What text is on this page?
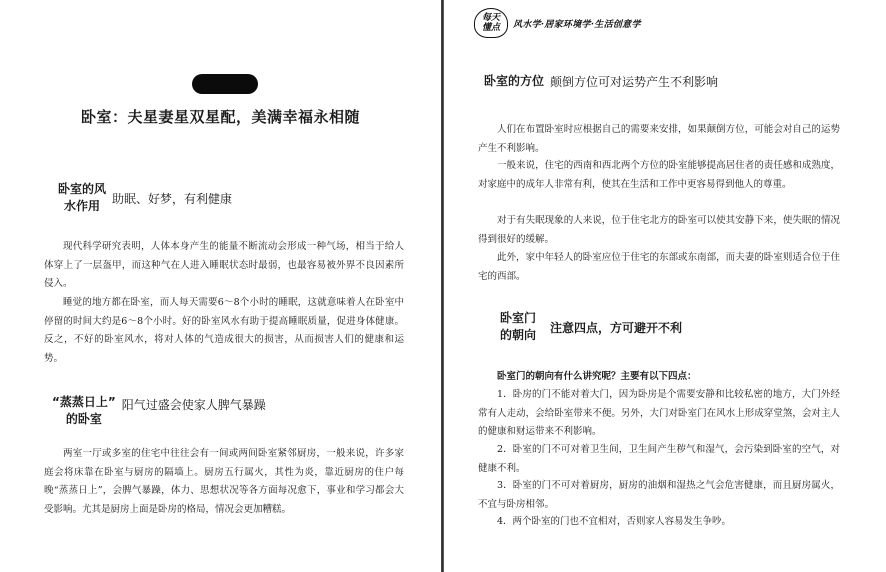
卧室：夫星妻星双星配，美满幸福永相随
卧室的风
水作用
助眠、好梦，有利健康

现代科学研究表明，人体本身产生的能量不断流动会形成一种气场，相当于给人体穿上了一层盔甲，而这种气在人进入睡眠状态时最弱，也最容易被外界不良因素所侵入。

睡觉的地方都在卧室，而人每天需要6～8个小时的睡眠，这就意味着人在卧室中停留的时间大约是6～8个小时。好的卧室风水有助于提高睡眠质量，促进身体健康。反之，不好的卧室风水，将对人体的气造成很大的损害，从而损害人们的健康和运势。

“蒸蒸日上”
的卧室
阳气过盛会使家人脾气暴躁

两室一厅或多室的住宅中往往会有一间或两间卧室紧邻厨房，一般来说，许多家庭会将床靠在卧室与厨房的隔墙上。厨房五行属火，其性为炎，靠近厨房的住户每晚“蒸蒸日上”，会脾气暴躁，体力、思想状况等各方面每况愈下，事业和学习都会大受影响。尤其是厨房上面是卧房的格局，情况会更加糟糕。

每天
懂点 风水学·居家环境学·生活创意学
卧室的方位 颠倒方位可对运势产生不利影响

人们在布置卧室时应根据自己的需要来安排，如果颠倒方位，可能会对自己的运势产生不利影响。

一般来说，住宅的西南和西北两个方位的卧室能够提高居住者的责任感和成熟度，对家庭中的成年人非常有利，使其在生活和工作中更容易得到他人的尊重。

对于有失眠现象的人来说，位于住宅北方的卧室可以使其安静下来，使失眠的情况得到很好的缓解。

此外，家中年轻人的卧室应位于住宅的东部或东南部，而夫妻的卧室则适合位于住宅的西部。

卧室门
的朝向
注意四点，方可避开不利

卧室门的朝向有什么讲究呢？主要有以下四点：

1．卧房的门不能对着大门，因为卧房是个需要安静和比较私密的地方，大门外经常有人走动，会给卧室带来不便。另外，大门对卧室门在风水上形成穿堂煞，会对主人的健康和财运带来不利影响。

2．卧室的门不可对着卫生间，卫生间产生秽气和湿气，会污染到卧室的空气，对健康不利。

3．卧室的门不可对着厨房，厨房的油烟和湿热之气会危害健康，而且厨房属火，不宜与卧房相邻。

4．两个卧室的门也不宜相对，否则家人容易发生争吵。
